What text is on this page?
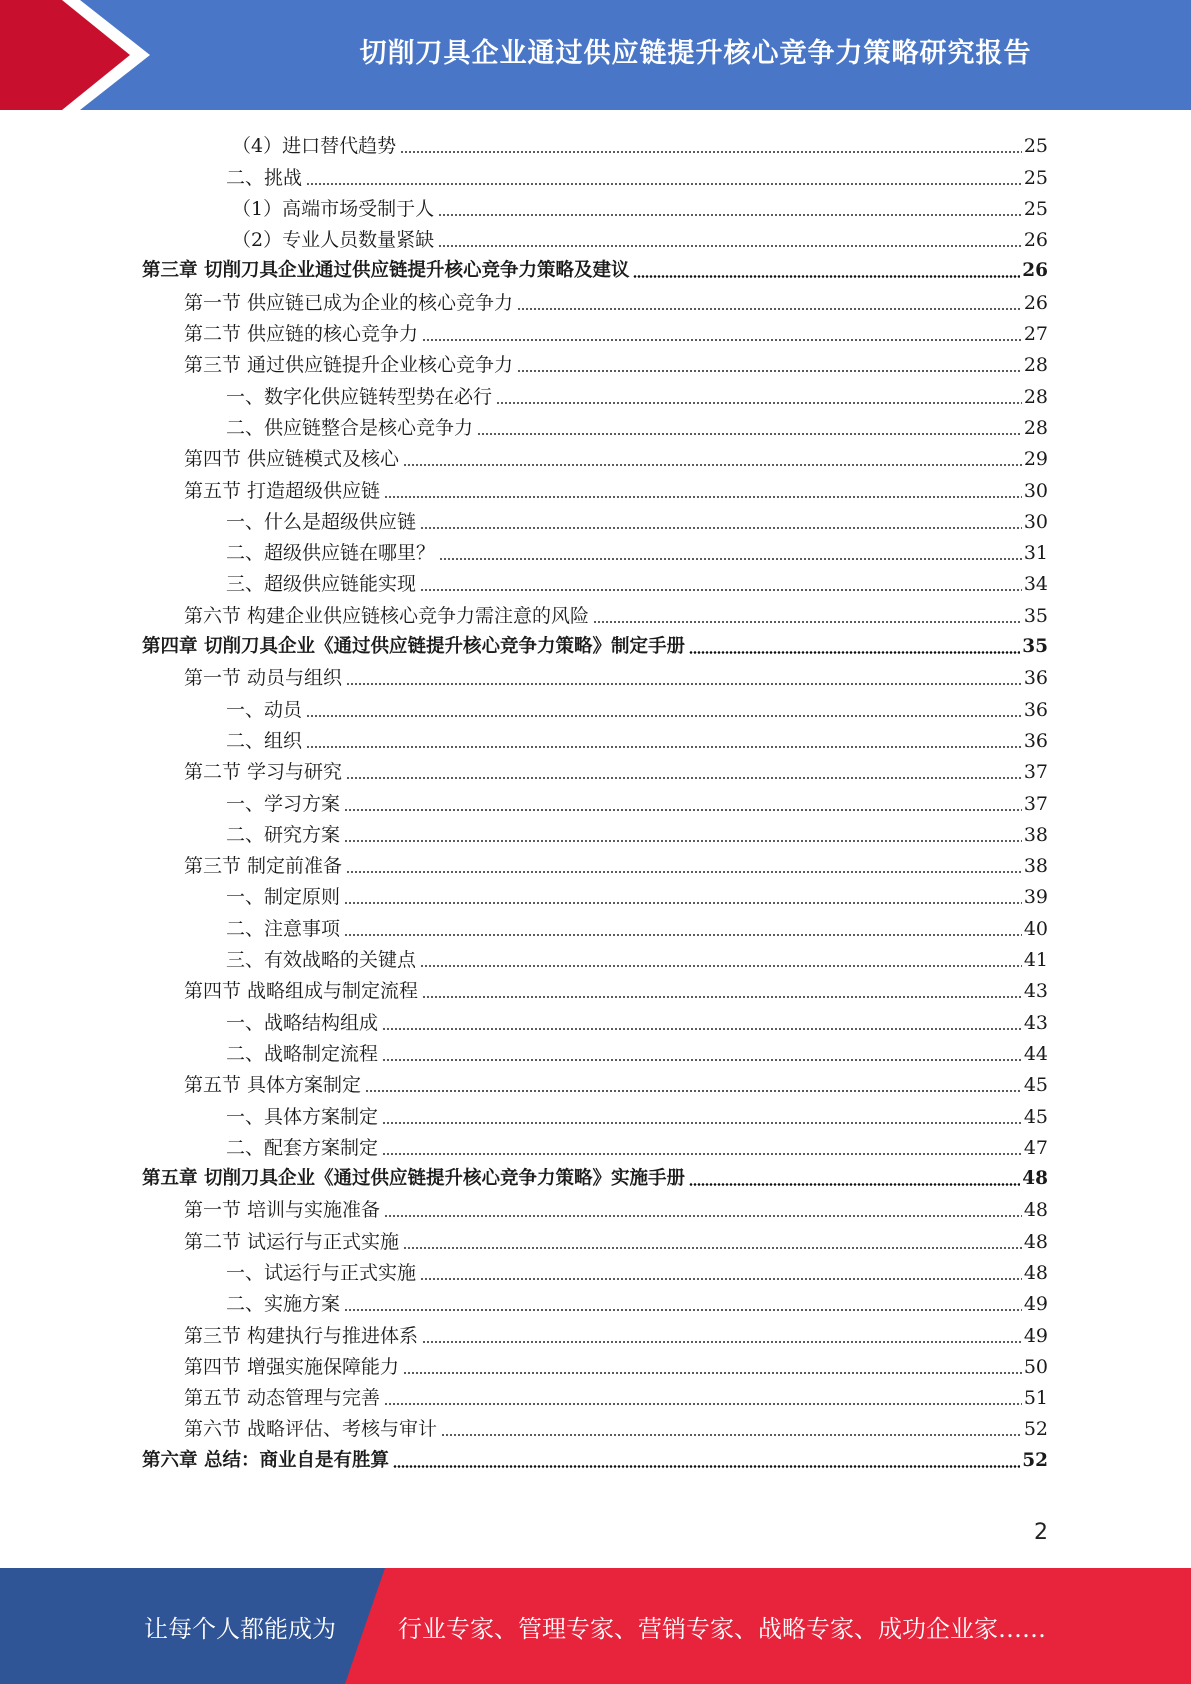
切削刀具企业通过供应链提升核心竞争力策略研究报告
（4）进口替代趋势	25
二、挑战	25
（1）高端市场受制于人	25
（2）专业人员数量紧缺	26
第三章 切削刀具企业通过供应链提升核心竞争力策略及建议	26
第一节 供应链已成为企业的核心竞争力	26
第二节 供应链的核心竞争力	27
第三节 通过供应链提升企业核心竞争力	28
一、数字化供应链转型势在必行	28
二、供应链整合是核心竞争力	28
第四节 供应链模式及核心	29
第五节 打造超级供应链	30
一、什么是超级供应链	30
二、超级供应链在哪里？	31
三、超级供应链能实现	34
第六节 构建企业供应链核心竞争力需注意的风险	35
第四章 切削刀具企业《通过供应链提升核心竞争力策略》制定手册	35
第一节 动员与组织	36
一、动员	36
二、组织	36
第二节 学习与研究	37
一、学习方案	37
二、研究方案	38
第三节 制定前准备	38
一、制定原则	39
二、注意事项	40
三、有效战略的关键点	41
第四节 战略组成与制定流程	43
一、战略结构组成	43
二、战略制定流程	44
第五节 具体方案制定	45
一、具体方案制定	45
二、配套方案制定	47
第五章 切削刀具企业《通过供应链提升核心竞争力策略》实施手册	48
第一节 培训与实施准备	48
第二节 试运行与正式实施	48
一、试运行与正式实施	48
二、实施方案	49
第三节 构建执行与推进体系	49
第四节 增强实施保障能力	50
第五节 动态管理与完善	51
第六节 战略评估、考核与审计	52
第六章 总结：商业自是有胜算	52
2
让每个人都能成为	行业专家、管理专家、营销专家、战略专家、成功企业家……
